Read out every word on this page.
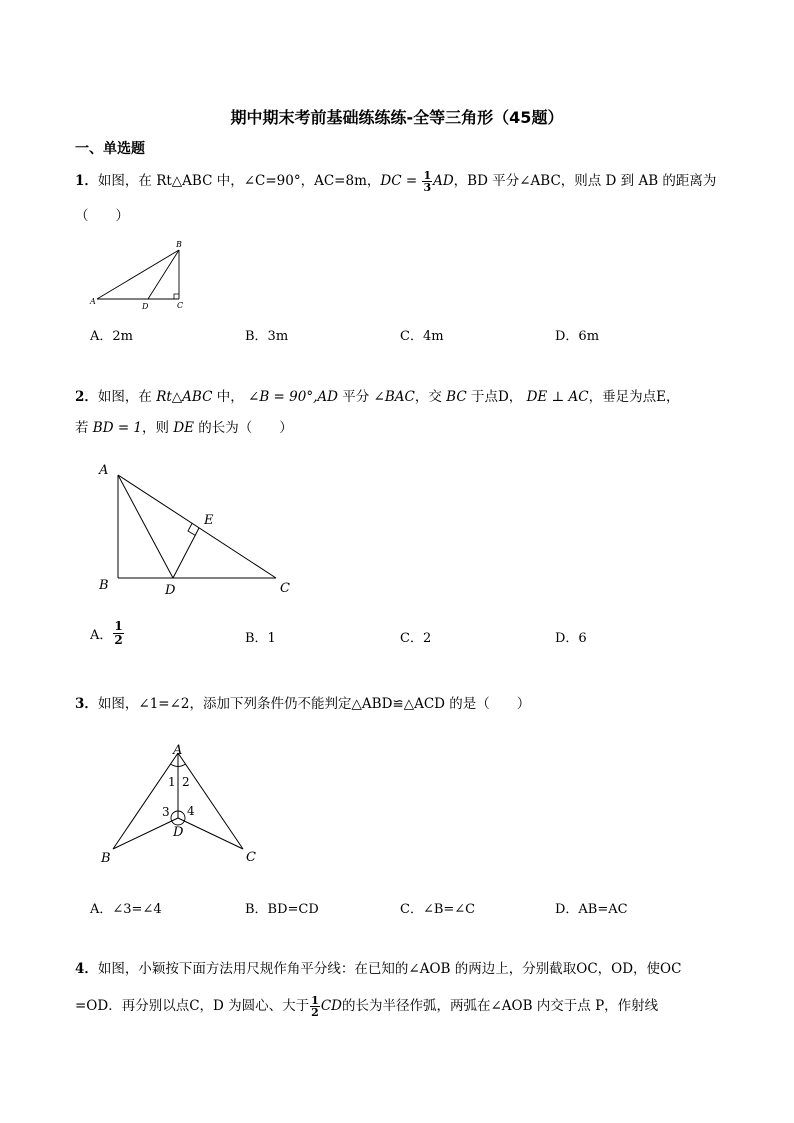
期中期末考前基础练练练-全等三角形（45题）
一、单选题
1．如图，在 Rt△ABC 中，∠C=90°，AC=8m，DC = $\frac{1}{3}$ AD，BD 平分∠ABC，则点 D 到 AB 的距离为
（　　）
A
B
C
D
A．2m	B．3m	C．4m	D．6m
2．如图，在 Rt△ABC 中， ∠B = 90°,AD 平分 ∠BAC，交 BC 于点D， DE ⊥ AC，垂足为点E，
若 BD = 1，则 DE 的长为（　　）
A
B	C
D
E
A． $\frac{1}{2}$	B．1	C．2	D．6
3．如图，∠1=∠2，添加下列条件仍不能判定△ABD≌△ACD 的是（　　）
A
B	C
D
1 2
3 4
A．∠3=∠4	B．BD=CD	C．∠B=∠C	D．AB=AC
4．如图，小颖按下面方法用尺规作角平分线：在已知的∠AOB 的两边上，分别截取OC，OD，使OC
=OD．再分别以点C，D 为圆心、大于 $\frac{1}{2}$ CD的长为半径作弧，两弧在∠AOB 内交于点 P，作射线
